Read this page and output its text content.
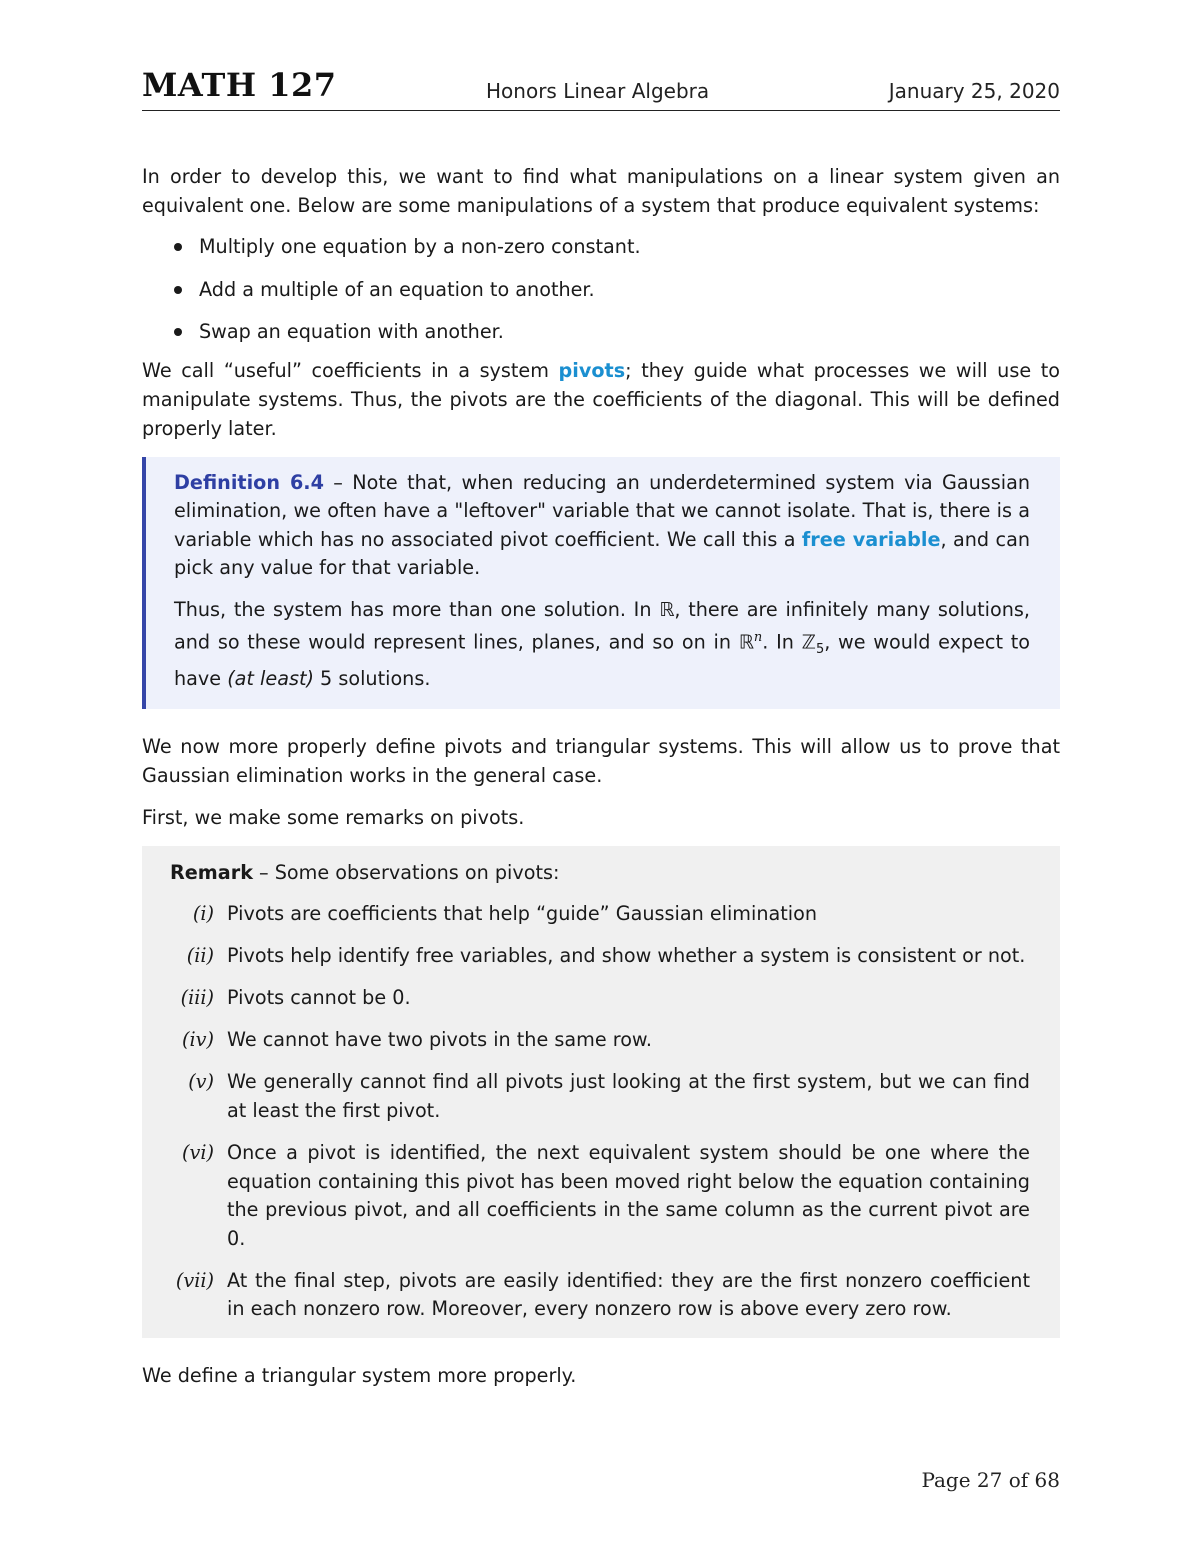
MATH 127	Honors Linear Algebra	January 25, 2020

In order to develop this, we want to find what manipulations on a linear system given an equivalent one. Below are some manipulations of a system that produce equivalent systems:

Multiply one equation by a non-zero constant.
Add a multiple of an equation to another.
Swap an equation with another.

We call “useful” coefficients in a system pivots; they guide what processes we will use to manipulate systems. Thus, the pivots are the coefficients of the diagonal. This will be defined properly later.

Definition 6.4 – Note that, when reducing an underdetermined system via Gaussian elimination, we often have a "leftover" variable that we cannot isolate. That is, there is a variable which has no associated pivot coefficient. We call this a free variable, and can pick any value for that variable.

Thus, the system has more than one solution. In ℝ, there are infinitely many solutions, and so these would represent lines, planes, and so on in ℝ$^n$. In ℤ$_5$, we would expect to have (at least) 5 solutions.

We now more properly define pivots and triangular systems. This will allow us to prove that Gaussian elimination works in the general case.

First, we make some remarks on pivots.

Remark – Some observations on pivots:
(i) Pivots are coefficients that help “guide” Gaussian elimination
(ii) Pivots help identify free variables, and show whether a system is consistent or not.
(iii) Pivots cannot be 0.
(iv) We cannot have two pivots in the same row.
(v) We generally cannot find all pivots just looking at the first system, but we can find at least the first pivot.
(vi) Once a pivot is identified, the next equivalent system should be one where the equation containing this pivot has been moved right below the equation containing the previous pivot, and all coefficients in the same column as the current pivot are 0.
(vii) At the final step, pivots are easily identified: they are the first nonzero coefficient in each nonzero row. Moreover, every nonzero row is above every zero row.

We define a triangular system more properly.

Page 27 of 68
